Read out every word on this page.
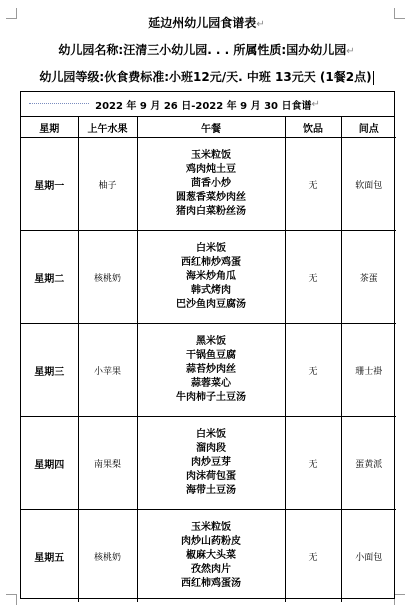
延边州幼儿园食谱表↵
幼儿园名称:汪清三小幼儿园. . . 所属性质:国办幼儿园↵
幼儿园等级:伙食费标准:小班12元/天. 中班 13元天 (1餐2点)
2022 年 9 月 26 日-2022 年 9 月 30 日食谱 ↵
星期	上午水果	午餐	饮品	间点
星期一	柚子	玉米粒饭
鸡肉炖土豆
茴香小炒
圆葱香菜炒肉丝
猪肉白菜粉丝汤	无	软面包
星期二	核桃奶	白米饭
西红柿炒鸡蛋
海米炒角瓜
韩式烤肉
巴沙鱼肉豆腐汤	无	茶蛋
星期三	小苹果	黑米饭
干锅鱼豆腐
蒜苔炒肉丝
蒜蓉菜心
牛肉柿子土豆汤	无	珊士褂
星期四	南果梨	白米饭
溜肉段
肉炒豆芽
肉沫荷包蛋
海带土豆汤	无	蛋黄派
星期五	核桃奶	玉米粒饭
肉炒山药粉皮
椒麻大头菜
孜然肉片
西红柿鸡蛋汤	无	小面包
